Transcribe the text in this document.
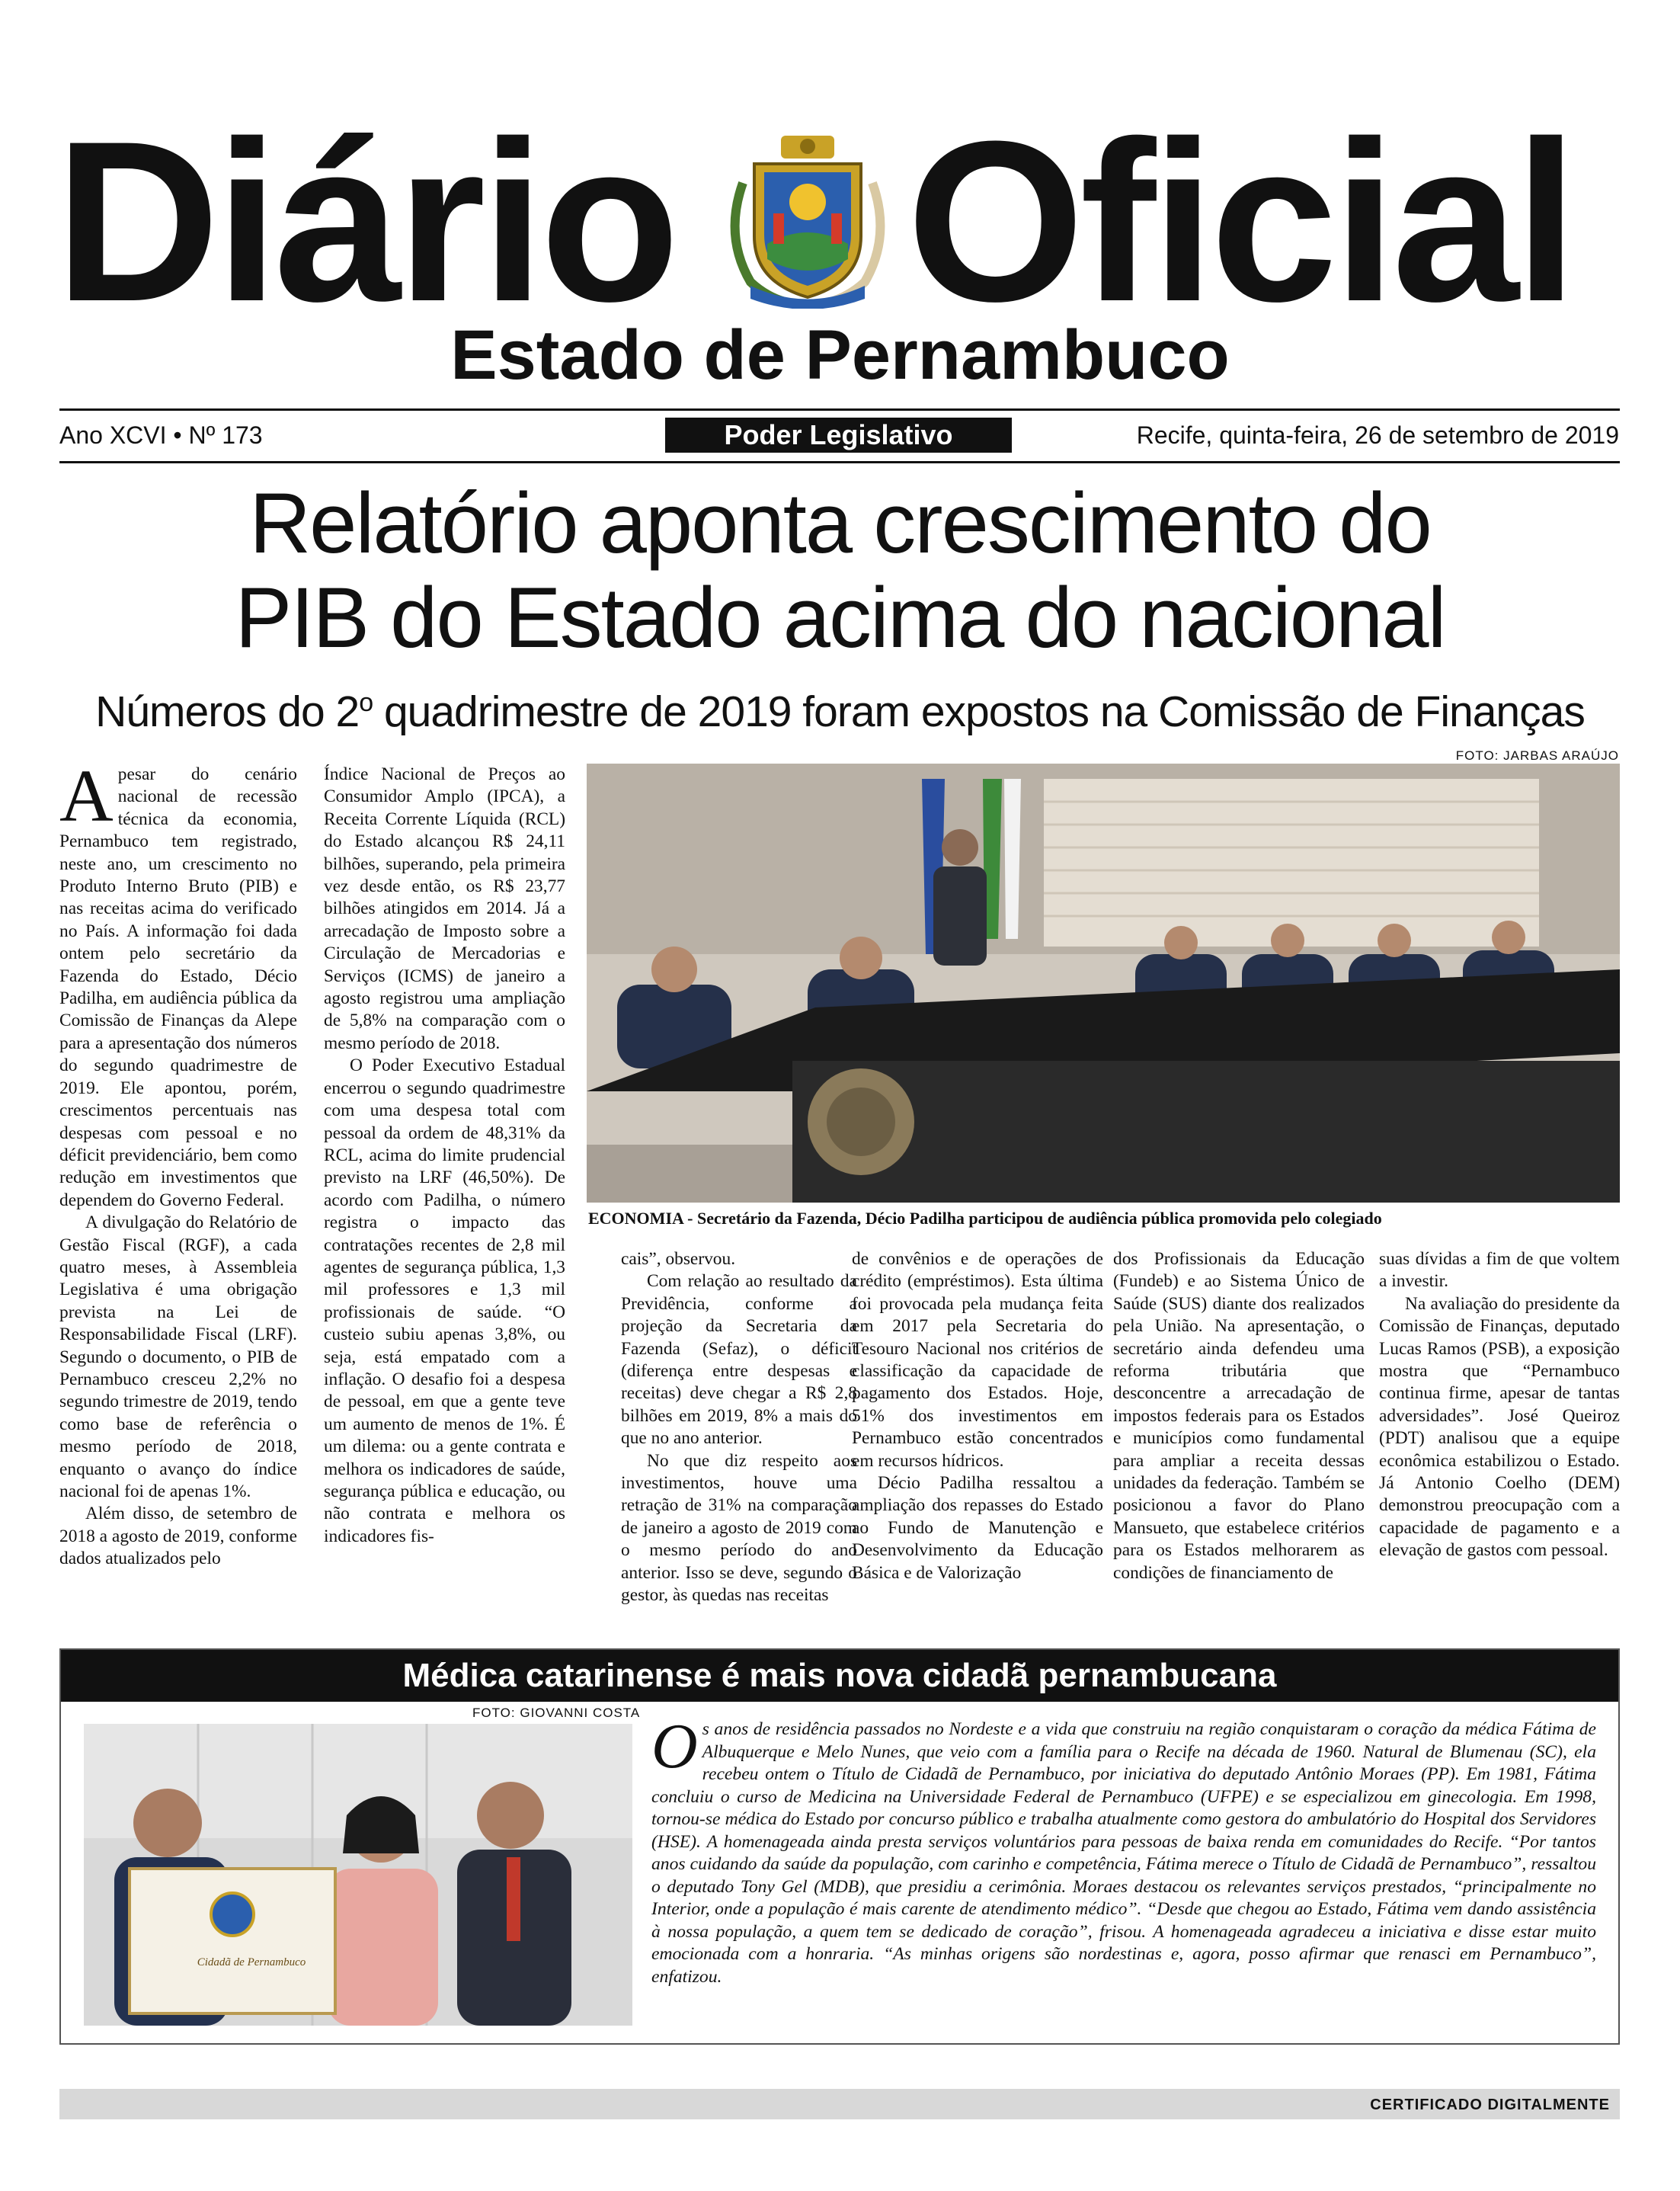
Diário Oficial
Estado de Pernambuco
Ano XCVI • Nº 173	Poder Legislativo	Recife, quinta-feira, 26 de setembro de 2019
Relatório aponta crescimento do
PIB do Estado acima do nacional
Números do 2$^o$ quadrimestre de 2019 foram expostos na Comissão de Finanças
FOTO: JARBAS ARAÚJO

Apesar do cenário nacional de recessão técnica da economia, Pernambuco tem registrado, neste ano, um crescimento no Produto Interno Bruto (PIB) e nas receitas acima do verificado no País. A informação foi dada ontem pelo secretário da Fazenda do Estado, Décio Padilha, em audiência pública da Comissão de Finanças da Alepe para a apresentação dos números do segundo quadrimestre de 2019. Ele apontou, porém, crescimentos percentuais nas despesas com pessoal e no déficit previdenciário, bem como redução em investimentos que dependem do Governo Federal.

A divulgação do Relatório de Gestão Fiscal (RGF), a cada quatro meses, à Assembleia Legislativa é uma obrigação prevista na Lei de Responsabilidade Fiscal (LRF). Segundo o documento, o PIB de Pernambuco cresceu 2,2% no segundo trimestre de 2019, tendo como base de referência o mesmo período de 2018, enquanto o avanço do índice nacional foi de apenas 1%.

Além disso, de setembro de 2018 a agosto de 2019, conforme dados atualizados pelo

Índice Nacional de Preços ao Consumidor Amplo (IPCA), a Receita Corrente Líquida (RCL) do Estado alcançou R$ 24,11 bilhões, superando, pela primeira vez desde então, os R$ 23,77 bilhões atingidos em 2014. Já a arrecadação de Imposto sobre a Circulação de Mercadorias e Serviços (ICMS) de janeiro a agosto registrou uma ampliação de 5,8% na comparação com o mesmo período de 2018.

O Poder Executivo Estadual encerrou o segundo quadrimestre com uma despesa total com pessoal da ordem de 48,31% da RCL, acima do limite prudencial previsto na LRF (46,50%). De acordo com Padilha, o número registra o impacto das contratações recentes de 2,8 mil agentes de segurança pública, 1,3 mil professores e 1,3 mil profissionais de saúde. “O custeio subiu apenas 3,8%, ou seja, está empatado com a inflação. O desafio foi a despesa de pessoal, em que a gente teve um aumento de menos de 1%. É um dilema: ou a gente contrata e melhora os indicadores de saúde, segurança pública e educação, ou não contrata e melhora os indicadores fis-

ECONOMIA - Secretário da Fazenda, Décio Padilha participou de audiência pública promovida pelo colegiado

cais”, observou.

Com relação ao resultado da Previdência, conforme a projeção da Secretaria da Fazenda (Sefaz), o déficit (diferença entre despesas e receitas) deve chegar a R$ 2,8 bilhões em 2019, 8% a mais do que no ano anterior.

No que diz respeito aos investimentos, houve uma retração de 31% na comparação de janeiro a agosto de 2019 com o mesmo período do ano anterior. Isso se deve, segundo o gestor, às quedas nas receitas

de convênios e de operações de crédito (empréstimos). Esta última foi provocada pela mudança feita em 2017 pela Secretaria do Tesouro Nacional nos critérios de classificação da capacidade de pagamento dos Estados. Hoje, 51% dos investimentos em Pernambuco estão concentrados em recursos hídricos.

Décio Padilha ressaltou a ampliação dos repasses do Estado ao Fundo de Manutenção e Desenvolvimento da Educação Básica e de Valorização

dos Profissionais da Educação (Fundeb) e ao Sistema Único de Saúde (SUS) diante dos realizados pela União. Na apresentação, o secretário ainda defendeu uma reforma tributária que desconcentre a arrecadação de impostos federais para os Estados e municípios como fundamental para ampliar a receita dessas unidades da federação. Também se posicionou a favor do Plano Mansueto, que estabelece critérios para os Estados melhorarem as condições de financiamento de

suas dívidas a fim de que voltem a investir.

Na avaliação do presidente da Comissão de Finanças, deputado Lucas Ramos (PSB), a exposição mostra que “Pernambuco continua firme, apesar de tantas adversidades”. José Queiroz (PDT) analisou que a equipe econômica estabilizou o Estado. Já Antonio Coelho (DEM) demonstrou preocupação com a capacidade de pagamento e a elevação de gastos com pessoal.

Médica catarinense é mais nova cidadã pernambucana
FOTO: GIOVANNI COSTA
Cidadã de Pernambuco
Os anos de residência passados no Nordeste e a vida que construiu na região conquistaram o coração da médica Fátima de Albuquerque e Melo Nunes, que veio com a família para o Recife na década de 1960. Natural de Blumenau (SC), ela recebeu ontem o Título de Cidadã de Pernambuco, por iniciativa do deputado Antônio Moraes (PP). Em 1981, Fátima concluiu o curso de Medicina na Universidade Federal de Pernambuco (UFPE) e se especializou em ginecologia. Em 1998, tornou-se médica do Estado por concurso público e trabalha atualmente como gestora do ambulatório do Hospital dos Servidores (HSE). A homenageada ainda presta serviços voluntários para pessoas de baixa renda em comunidades do Recife. “Por tantos anos cuidando da saúde da população, com carinho e competência, Fátima merece o Título de Cidadã de Pernambuco”, ressaltou o deputado Tony Gel (MDB), que presidiu a cerimônia. Moraes destacou os relevantes serviços prestados, “principalmente no Interior, onde a população é mais carente de atendimento médico”. “Desde que chegou ao Estado, Fátima vem dando assistência à nossa população, a quem tem se dedicado de coração”, frisou. A homenageada agradeceu a iniciativa e disse estar muito emocionada com a honraria. “As minhas origens são nordestinas e, agora, posso afirmar que renasci em Pernambuco”, enfatizou.
CERTIFICADO DIGITALMENTE
